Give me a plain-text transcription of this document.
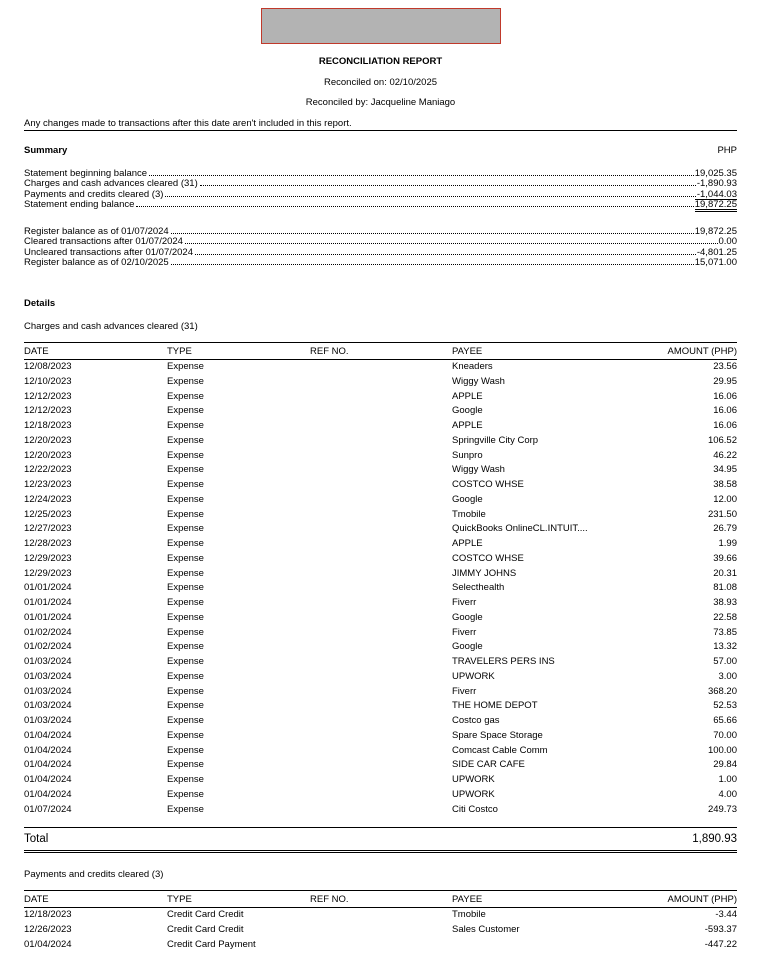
RECONCILIATION REPORT
Reconciled on: 02/10/2025
Reconciled by: Jacqueline Maniago
Any changes made to transactions after this date aren't included in this report.
Summary	PHP
Statement beginning balance	19,025.35
Charges and cash advances cleared (31)	-1,890.93
Payments and credits cleared (3)	-1,044.03
Statement ending balance	19,872.25
Register balance as of 01/07/2024	19,872.25
Cleared transactions after 01/07/2024	0.00
Uncleared transactions after 01/07/2024	-4,801.25
Register balance as of 02/10/2025	15,071.00
Details
Charges and cash advances cleared (31)
DATE	TYPE	REF NO.	PAYEE	AMOUNT (PHP)
12/08/2023	Expense		Kneaders	23.56
12/10/2023	Expense		Wiggy Wash	29.95
12/12/2023	Expense		APPLE	16.06
12/12/2023	Expense		Google	16.06
12/18/2023	Expense		APPLE	16.06
12/20/2023	Expense		Springville City Corp	106.52
12/20/2023	Expense		Sunpro	46.22
12/22/2023	Expense		Wiggy Wash	34.95
12/23/2023	Expense		COSTCO WHSE	38.58
12/24/2023	Expense		Google	12.00
12/25/2023	Expense		Tmobile	231.50
12/27/2023	Expense		QuickBooks OnlineCL.INTUIT....	26.79
12/28/2023	Expense		APPLE	1.99
12/29/2023	Expense		COSTCO WHSE	39.66
12/29/2023	Expense		JIMMY JOHNS	20.31
01/01/2024	Expense		Selecthealth	81.08
01/01/2024	Expense		Fiverr	38.93
01/01/2024	Expense		Google	22.58
01/02/2024	Expense		Fiverr	73.85
01/02/2024	Expense		Google	13.32
01/03/2024	Expense		TRAVELERS PERS INS	57.00
01/03/2024	Expense		UPWORK	3.00
01/03/2024	Expense		Fiverr	368.20
01/03/2024	Expense		THE HOME DEPOT	52.53
01/03/2024	Expense		Costco gas	65.66
01/04/2024	Expense		Spare Space Storage	70.00
01/04/2024	Expense		Comcast Cable Comm	100.00
01/04/2024	Expense		SIDE CAR CAFE	29.84
01/04/2024	Expense		UPWORK	1.00
01/04/2024	Expense		UPWORK	4.00
01/07/2024	Expense		Citi Costco	249.73
Total	1,890.93
Payments and credits cleared (3)
DATE	TYPE	REF NO.	PAYEE	AMOUNT (PHP)
12/18/2023	Credit Card Credit		Tmobile	-3.44
12/26/2023	Credit Card Credit		Sales Customer	-593.37
01/04/2024	Credit Card Payment			-447.22
